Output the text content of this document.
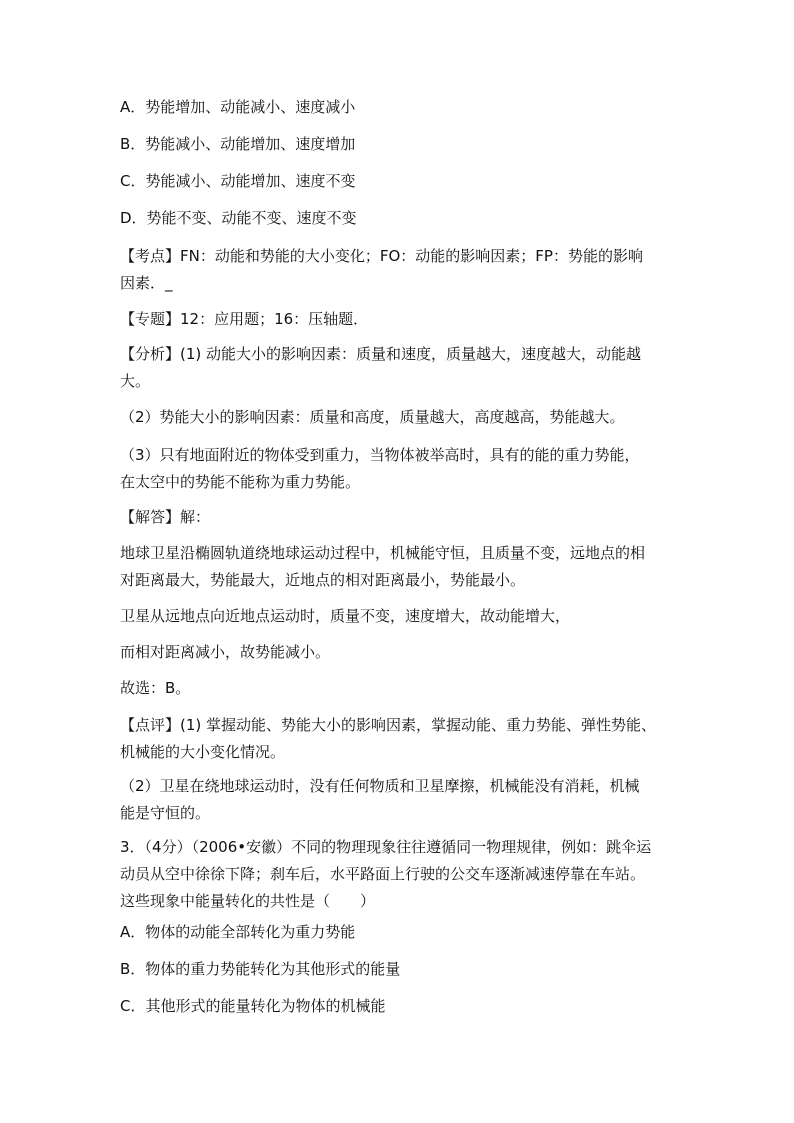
A．势能增加、动能减小、速度减小

B．势能减小、动能增加、速度增加

C．势能减小、动能增加、速度不变

D．势能不变、动能不变、速度不变

【考点】FN：动能和势能的大小变化；FO：动能的影响因素；FP：势能的影响
因素．_

【专题】12：应用题；16：压轴题．

【分析】(1) 动能大小的影响因素：质量和速度，质量越大，速度越大，动能越
大。

（2）势能大小的影响因素：质量和高度，质量越大，高度越高，势能越大。

（3）只有地面附近的物体受到重力，当物体被举高时，具有的能的重力势能，
在太空中的势能不能称为重力势能。

【解答】解：

地球卫星沿椭圆轨道绕地球运动过程中，机械能守恒，且质量不变，远地点的相
对距离最大，势能最大，近地点的相对距离最小，势能最小。

卫星从远地点向近地点运动时，质量不变，速度增大，故动能增大，

而相对距离减小，故势能减小。

故选：B。

【点评】(1) 掌握动能、势能大小的影响因素，掌握动能、重力势能、弹性势能、
机械能的大小变化情况。

（2）卫星在绕地球运动时，没有任何物质和卫星摩擦，机械能没有消耗，机械
能是守恒的。

3．（4分）（2006•安徽）不同的物理现象往往遵循同一物理规律，例如：跳伞运
动员从空中徐徐下降；刹车后，水平路面上行驶的公交车逐渐减速停靠在车站。
这些现象中能量转化的共性是（　　）

A．物体的动能全部转化为重力势能

B．物体的重力势能转化为其他形式的能量

C．其他形式的能量转化为物体的机械能
